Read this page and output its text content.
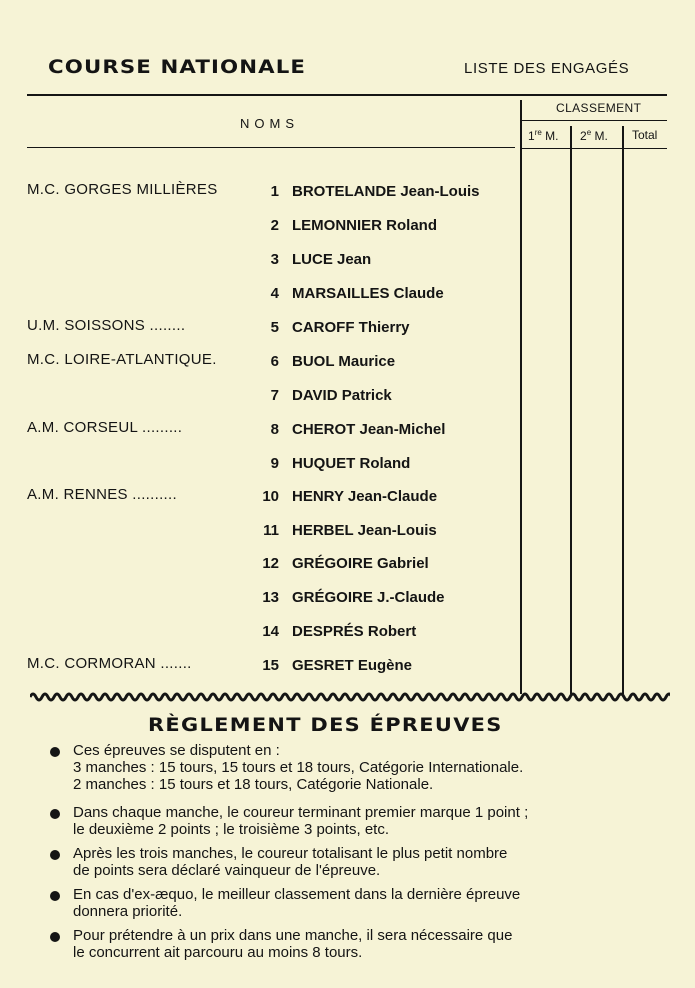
COURSE NATIONALE	LISTE DES ENGAGÉS
NOMS
CLASSEMENT
1re M. 2e M. Total
M.C. GORGES MILLIÈRES	1 BROTELANDE Jean-Louis
2 LEMONNIER Roland
3 LUCE Jean
4 MARSAILLES Claude
U.M. SOISSONS ........	5 CAROFF Thierry
M.C. LOIRE-ATLANTIQUE.	6 BUOL Maurice
7 DAVID Patrick
A.M. CORSEUL .........	8 CHEROT Jean-Michel
9 HUQUET Roland
A.M. RENNES ..........	10 HENRY Jean-Claude
11 HERBEL Jean-Louis
12 GRÉGOIRE Gabriel
13 GRÉGOIRE J.-Claude
14 DESPRÉS Robert
M.C. CORMORAN .......	15 GESRET Eugène
RÈGLEMENT DES ÉPREUVES
Ces épreuves se disputent en :
3 manches : 15 tours, 15 tours et 18 tours, Catégorie Internationale.
2 manches : 15 tours et 18 tours, Catégorie Nationale.
Dans chaque manche, le coureur terminant premier marque 1 point ;
le deuxième 2 points ; le troisième 3 points, etc.
Après les trois manches, le coureur totalisant le plus petit nombre
de points sera déclaré vainqueur de l'épreuve.
En cas d'ex-æquo, le meilleur classement dans la dernière épreuve
donnera priorité.
Pour prétendre à un prix dans une manche, il sera nécessaire que
le concurrent ait parcouru au moins 8 tours.
